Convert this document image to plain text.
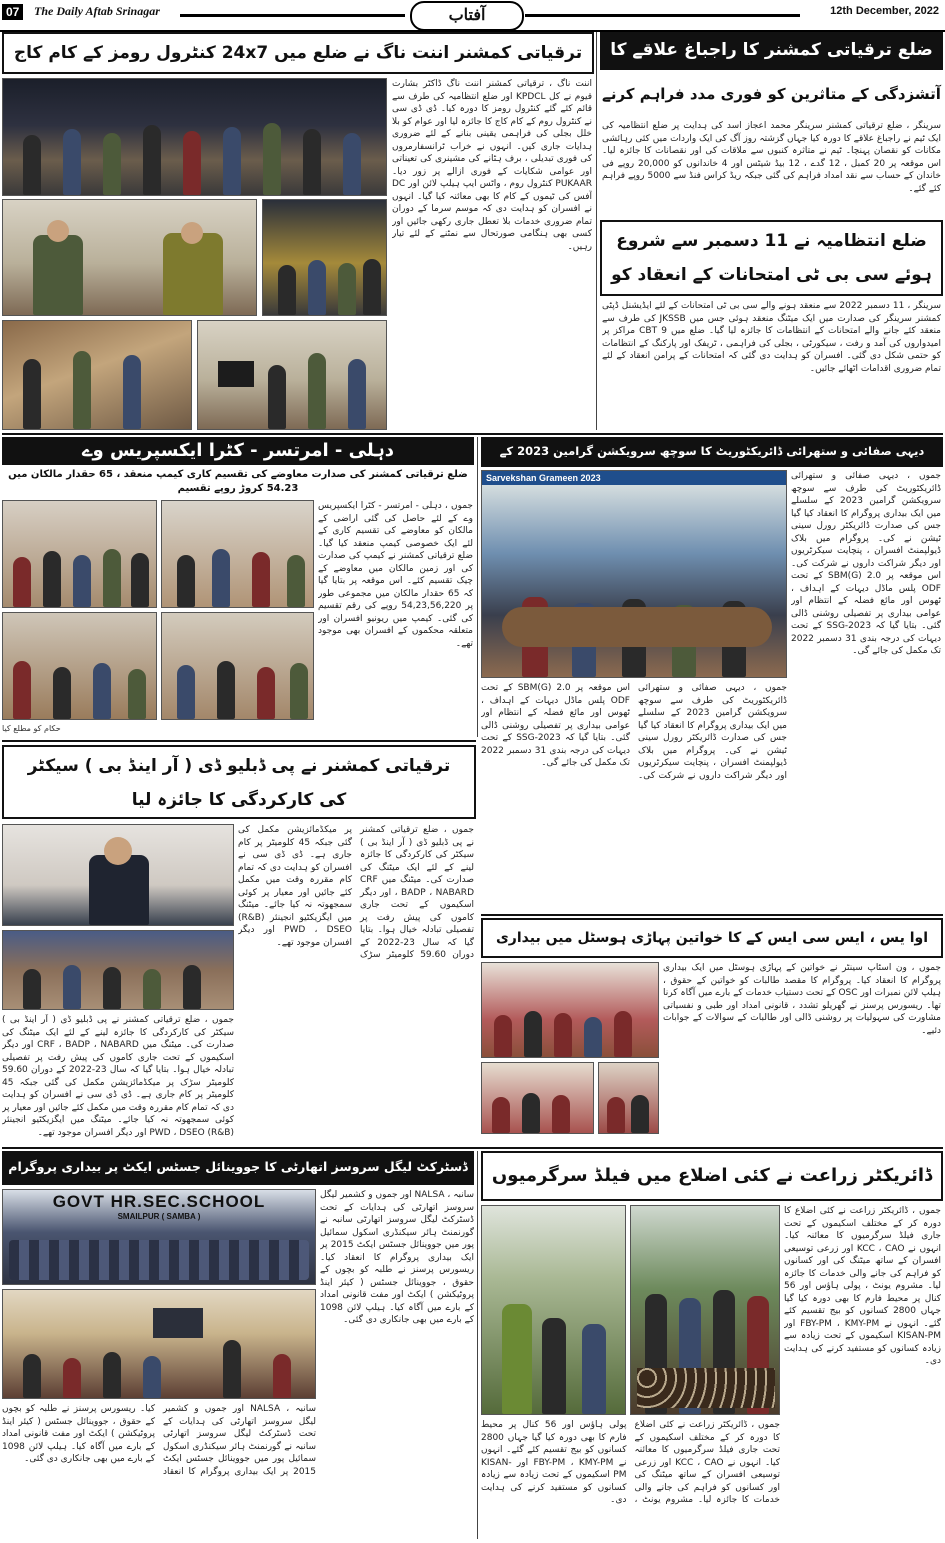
07	The Daily Aftab Srinagar	آفتاب	12th December, 2022
ترقیاتی کمشنر اننت ناگ نے ضلع میں 24x7 کنٹرول رومز کے کام کاج
اننت ناگ ، ترقیاتی کمشنر اننت ناگ ڈاکٹر بشارت قیوم نے کل KPDCL اور ضلع انتظامیہ کی طرف سے قائم کئے گئے کنٹرول رومز کا دورہ کیا۔ ڈی ڈی سی نے کنٹرول روم کے کام کاج کا جائزہ لیا اور عوام کو بلا خلل بجلی کی فراہمی یقینی بنانے کے لئے ضروری ہدایات جاری کیں۔ انہوں نے خراب ٹرانسفارمروں کی فوری تبدیلی ، برف ہٹانے کی مشینری کی تعیناتی اور عوامی شکایات کے فوری ازالے پر زور دیا۔ PUKAAR کنٹرول روم ، واٹس ایپ ہیلپ لائن اور DC آفس کی ٹیموں کے کام کا بھی معائنہ کیا گیا۔ انہوں نے افسران کو ہدایت دی کہ موسم سرما کے دوران تمام ضروری خدمات بلا تعطل جاری رکھی جائیں اور کسی بھی ہنگامی صورتحال سے نمٹنے کے لئے تیار رہیں۔
ضلع ترقیاتی کمشنر کا راجباغ علاقے کا
آتشزدگی کے متاثرین کو فوری مدد فراہم کرنے
سرینگر ، ضلع ترقیاتی کمشنر سرینگر محمد اعجاز اسد کی ہدایت پر ضلع انتظامیہ کی ایک ٹیم نے راجباغ علاقے کا دورہ کیا جہاں گزشتہ روز آگ کی ایک واردات میں کئی رہائشی مکانات کو نقصان پہنچا۔ ٹیم نے متاثرہ کنبوں سے ملاقات کی اور نقصانات کا جائزہ لیا۔ اس موقعہ پر 20 کمبل ، 12 گدے ، 12 بیڈ شیٹس اور 4 خاندانوں کو 20,000 روپے فی خاندان کے حساب سے نقد امداد فراہم کی گئی جبکہ ریڈ کراس فنڈ سے 5000 روپے فراہم کئے گئے۔
ضلع انتظامیہ نے 11 دسمبر سے شروع ہوئے سی بی ٹی امتحانات کے انعقاد کو
سرینگر ، 11 دسمبر 2022 سے منعقد ہونے والے سی بی ٹی امتحانات کے لئے ایڈیشنل ڈپٹی کمشنر سرینگر کی صدارت میں ایک میٹنگ منعقد ہوئی جس میں JKSSB کی طرف سے منعقد کئے جانے والے امتحانات کے انتظامات کا جائزہ لیا گیا۔ ضلع میں 9 CBT مراکز پر امیدواروں کی آمد و رفت ، سیکورٹی ، بجلی کی فراہمی ، ٹریفک اور پارکنگ کے انتظامات کو حتمی شکل دی گئی۔ افسران کو ہدایت دی گئی کہ امتحانات کے پرامن انعقاد کے لئے تمام ضروری اقدامات اٹھائے جائیں۔
دہلی - امرتسر - کٹرا ایکسپریس وے
ضلع ترقیاتی کمشنر کی صدارت معاوضے کی تقسیم کاری کیمپ منعقد ، 65 حقدار مالکان میں 54.23 کروڑ روپے تقسیم
جموں ، دہلی - امرتسر - کٹرا ایکسپریس وے کے لئے حاصل کی گئی اراضی کے مالکان کو معاوضے کی تقسیم کاری کے لئے ایک خصوصی کیمپ منعقد کیا گیا۔ ضلع ترقیاتی کمشنر نے کیمپ کی صدارت کی اور زمین مالکان میں معاوضے کے چیک تقسیم کئے۔ اس موقعہ پر بتایا گیا کہ 65 حقدار مالکان میں مجموعی طور پر 54,23,56,220 روپے کی رقم تقسیم کی گئی۔ کیمپ میں ریونیو افسران اور متعلقہ محکموں کے افسران بھی موجود تھے۔
حکام کو مطلع کیا
دیہی صفائی و ستھرائی ڈائریکٹوریٹ کا سوچھ سرویکشن گرامین 2023 کے
Sarvekshan Grameen 2023	جموں ، دیہی صفائی و ستھرائی ڈائریکٹوریٹ کی طرف سے سوچھ سرویکشن گرامین 2023 کے سلسلے میں ایک بیداری پروگرام کا انعقاد کیا گیا جس کی صدارت ڈائریکٹر رورل سینی ٹیشن نے کی۔ پروگرام میں بلاک ڈیولپمنٹ افسران ، پنچایت سیکرٹریوں اور دیگر شراکت داروں نے شرکت کی۔ اس موقعہ پر SBM(G) 2.0 کے تحت ODF پلس ماڈل دیہات کے اہداف ، ٹھوس اور مائع فضلہ کے انتظام اور عوامی بیداری پر تفصیلی روشنی ڈالی گئی۔ بتایا گیا کہ SSG-2023 کے تحت دیہات کی درجہ بندی 31 دسمبر 2022 تک مکمل کی جائے گی۔
جموں ، دیہی صفائی و ستھرائی ڈائریکٹوریٹ کی طرف سے سوچھ سرویکشن گرامین 2023 کے سلسلے میں ایک بیداری پروگرام کا انعقاد کیا گیا جس کی صدارت ڈائریکٹر رورل سینی ٹیشن نے کی۔ پروگرام میں بلاک ڈیولپمنٹ افسران ، پنچایت سیکرٹریوں اور دیگر شراکت داروں نے شرکت کی۔ اس موقعہ پر SBM(G) 2.0 کے تحت ODF پلس ماڈل دیہات کے اہداف ، ٹھوس اور مائع فضلہ کے انتظام اور عوامی بیداری پر تفصیلی روشنی ڈالی گئی۔ بتایا گیا کہ SSG-2023 کے تحت دیہات کی درجہ بندی 31 دسمبر 2022 تک مکمل کی جائے گی۔
ترقیاتی کمشنر نے پی ڈبلیو ڈی ( آر اینڈ بی ) سیکٹر کی کارکردگی کا جائزہ لیا
جموں ، ضلع ترقیاتی کمشنر نے پی ڈبلیو ڈی ( آر اینڈ بی ) سیکٹر کی کارکردگی کا جائزہ لینے کے لئے ایک میٹنگ کی صدارت کی۔ میٹنگ میں CRF ، BADP ، NABARD اور دیگر اسکیموں کے تحت جاری کاموں کی پیش رفت پر تفصیلی تبادلہ خیال ہوا۔ بتایا گیا کہ سال 23-2022 کے دوران 59.60 کلومیٹر سڑک پر میکڈمائزیشن مکمل کی گئی جبکہ 45 کلومیٹر پر کام جاری ہے۔ ڈی ڈی سی نے افسران کو ہدایت دی کہ تمام کام مقررہ وقت میں مکمل کئے جائیں اور معیار پر کوئی سمجھوتہ نہ کیا جائے۔ میٹنگ میں ایگزیکٹیو انجینئر (R&B) PWD ، DSEO اور دیگر افسران موجود تھے۔
جموں ، ضلع ترقیاتی کمشنر نے پی ڈبلیو ڈی ( آر اینڈ بی ) سیکٹر کی کارکردگی کا جائزہ لینے کے لئے ایک میٹنگ کی صدارت کی۔ میٹنگ میں CRF ، BADP ، NABARD اور دیگر اسکیموں کے تحت جاری کاموں کی پیش رفت پر تفصیلی تبادلہ خیال ہوا۔ بتایا گیا کہ سال 23-2022 کے دوران 59.60 کلومیٹر سڑک پر میکڈمائزیشن مکمل کی گئی جبکہ 45 کلومیٹر پر کام جاری ہے۔ ڈی ڈی سی نے افسران کو ہدایت دی کہ تمام کام مقررہ وقت میں مکمل کئے جائیں اور معیار پر کوئی سمجھوتہ نہ کیا جائے۔ میٹنگ میں ایگزیکٹیو انجینئر (R&B) PWD ، DSEO اور دیگر افسران موجود تھے۔
اوا یس ، ایس سی ایس کے کا خواتین پہاڑی ہوسٹل میں بیداری
جموں ، ون اسٹاپ سینٹر نے خواتین کے پہاڑی ہوسٹل میں ایک بیداری پروگرام کا انعقاد کیا۔ پروگرام کا مقصد طالبات کو خواتین کے حقوق ، ہیلپ لائن نمبرات اور OSC کے تحت دستیاب خدمات کے بارے میں آگاہ کرنا تھا۔ ریسورس پرسنز نے گھریلو تشدد ، قانونی امداد اور طبی و نفسیاتی مشاورت کی سہولیات پر روشنی ڈالی اور طالبات کے سوالات کے جوابات دئیے۔
ڈسٹرکٹ لیگل سروسز اتھارٹی کا جووینائل جسٹس ایکٹ پر بیداری پروگرام
GOVT HR.SEC.SCHOOL
SMAILPUR ( SAMBA )
سانبہ ، NALSA اور جموں و کشمیر لیگل سروسز اتھارٹی کی ہدایات کے تحت ڈسٹرکٹ لیگل سروسز اتھارٹی سانبہ نے گورنمنٹ ہائر سیکنڈری اسکول سمائیل پور میں جووینائل جسٹس ایکٹ 2015 پر ایک بیداری پروگرام کا انعقاد کیا۔ ریسورس پرسنز نے طلبہ کو بچوں کے حقوق ، جووینائل جسٹس ( کیئر اینڈ پروٹیکشن ) ایکٹ اور مفت قانونی امداد کے بارے میں آگاہ کیا۔ ہیلپ لائن 1098 کے بارے میں بھی جانکاری دی گئی۔
سانبہ ، NALSA اور جموں و کشمیر لیگل سروسز اتھارٹی کی ہدایات کے تحت ڈسٹرکٹ لیگل سروسز اتھارٹی سانبہ نے گورنمنٹ ہائر سیکنڈری اسکول سمائیل پور میں جووینائل جسٹس ایکٹ 2015 پر ایک بیداری پروگرام کا انعقاد کیا۔ ریسورس پرسنز نے طلبہ کو بچوں کے حقوق ، جووینائل جسٹس ( کیئر اینڈ پروٹیکشن ) ایکٹ اور مفت قانونی امداد کے بارے میں آگاہ کیا۔ ہیلپ لائن 1098 کے بارے میں بھی جانکاری دی گئی۔
ڈائریکٹر زراعت نے کئی اضلاع میں فیلڈ سرگرمیوں
جموں ، ڈائریکٹر زراعت نے کئی اضلاع کا دورہ کر کے مختلف اسکیموں کے تحت جاری فیلڈ سرگرمیوں کا معائنہ کیا۔ انہوں نے KCC ، CAO اور زرعی توسیعی افسران کے ساتھ میٹنگ کی اور کسانوں کو فراہم کی جانے والی خدمات کا جائزہ لیا۔ مشروم یونٹ ، پولی ہاؤس اور 56 کنال پر محیط فارم کا بھی دورہ کیا گیا جہاں 2800 کسانوں کو بیج تقسیم کئے گئے۔ انہوں نے FBY-PM ، KMY-PM اور KISAN-PM اسکیموں کے تحت زیادہ سے زیادہ کسانوں کو مستفید کرنے کی ہدایت دی۔
جموں ، ڈائریکٹر زراعت نے کئی اضلاع کا دورہ کر کے مختلف اسکیموں کے تحت جاری فیلڈ سرگرمیوں کا معائنہ کیا۔ انہوں نے KCC ، CAO اور زرعی توسیعی افسران کے ساتھ میٹنگ کی اور کسانوں کو فراہم کی جانے والی خدمات کا جائزہ لیا۔ مشروم یونٹ ، پولی ہاؤس اور 56 کنال پر محیط فارم کا بھی دورہ کیا گیا جہاں 2800 کسانوں کو بیج تقسیم کئے گئے۔ انہوں نے FBY-PM ، KMY-PM اور KISAN-PM اسکیموں کے تحت زیادہ سے زیادہ کسانوں کو مستفید کرنے کی ہدایت دی۔
